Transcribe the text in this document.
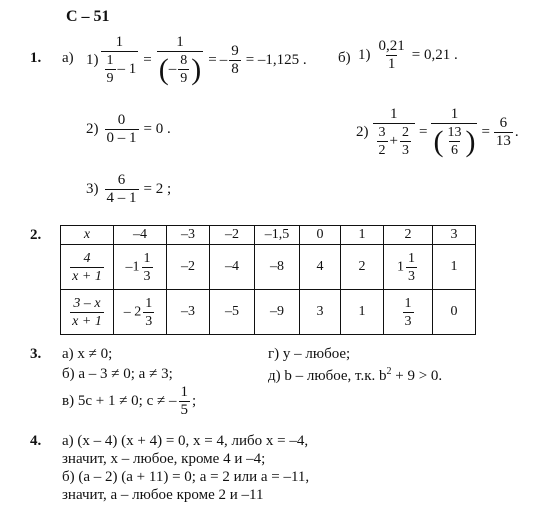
С – 51
1. а) $1) \frac{1}{\frac{1}{9} - 1} = \frac{1}{( - \frac{8}{9} )}$ = – $\frac{9}{8} = -1,125$ . б) $1) \frac{0,21}{1} = 0,21$ .
$2) \frac{0}{0 - 1} = 0$ .	$2) \frac{1}{\frac{3}{2} + \frac{2}{3}} = \frac{1}{( \frac{13}{6} )} = \frac{6}{13}$ .
$3) \frac{6}{4 - 1} = 2$ ;
2.	x	–4	–3	–2	–1,5	0	1	2	3

$\frac{4}{x + 1}$	$-1 \frac{1}{3}$	–2	–4	–8	4	2	$1 \frac{1}{3}$	1

$\frac{3 - x}{x + 1}$	– $2 \frac{1}{3}$	–3	–5	–9	3	1	$\frac{1}{3}$	0
3. а) x ≠ 0;
б) a – 3 ≠ 0; a ≠ 3;
в) 5c + 1 ≠ 0; c ≠ – $\frac{1}{5}$ ;
г) y – любое;
д) b – любое, т.к. $b^2 + 9 > 0$.
4. а) (x – 4) (x + 4) = 0, x = 4, либо x = –4,
значит, x – любое, кроме 4 и –4;
б) (a – 2) (a + 11) = 0; a = 2 или a = –11,
значит, a – любое кроме 2 и –11
